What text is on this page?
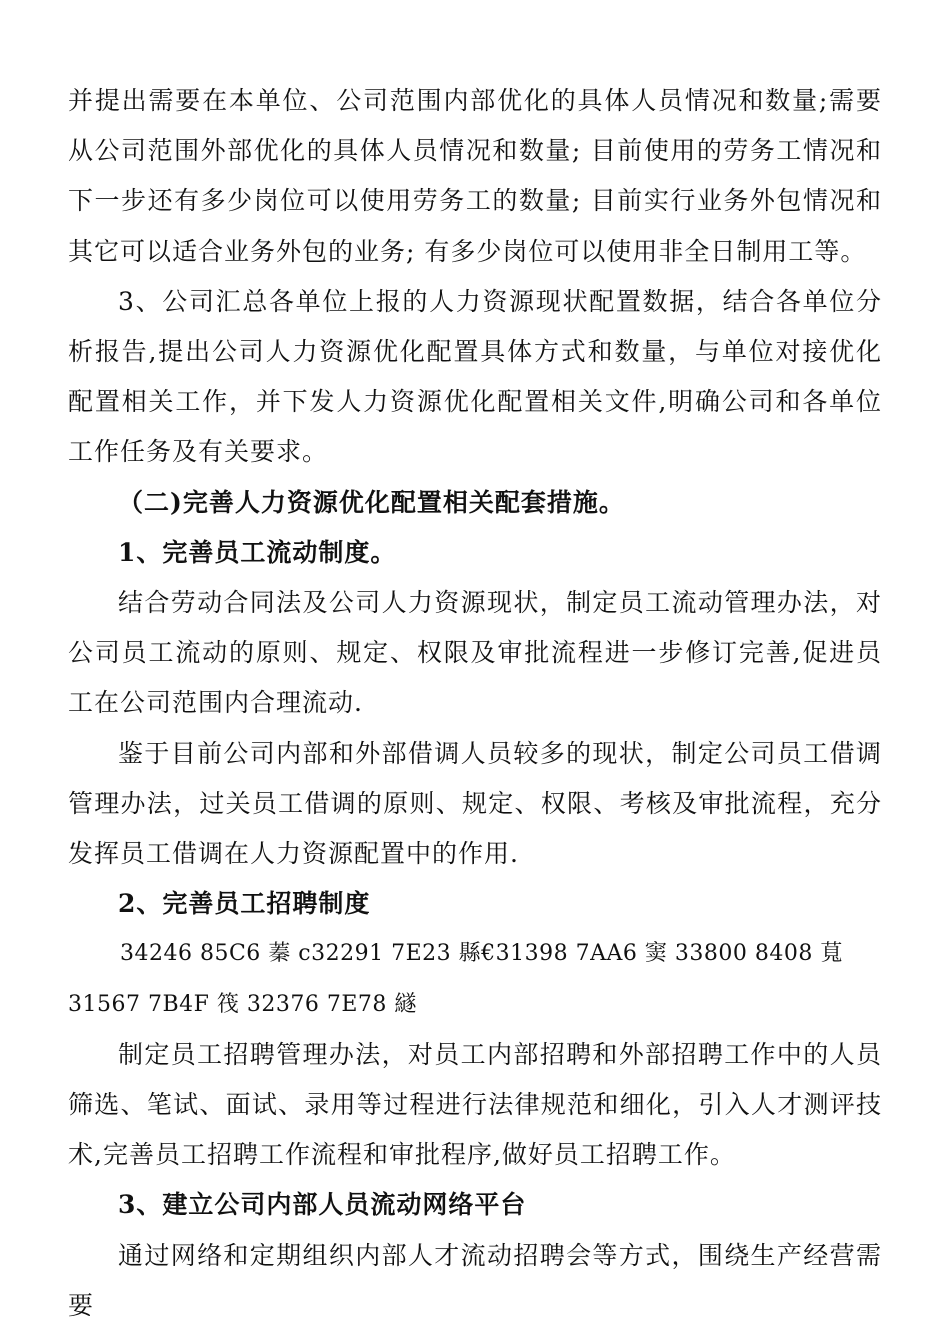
并提出需要在本单位、公司范围内部优化的具体人员情况和数量;需要从公司范围外部优化的具体人员情况和数量; 目前使用的劳务工情况和下一步还有多少岗位可以使用劳务工的数量; 目前实行业务外包情况和其它可以适合业务外包的业务; 有多少岗位可以使用非全日制用工等。

3、公司汇总各单位上报的人力资源现状配置数据，结合各单位分析报告,提出公司人力资源优化配置具体方式和数量，与单位对接优化配置相关工作，并下发人力资源优化配置相关文件,明确公司和各单位工作任务及有关要求。

（二)完善人力资源优化配置相关配套措施。

1、完善员工流动制度。

结合劳动合同法及公司人力资源现状，制定员工流动管理办法，对公司员工流动的原则、规定、权限及审批流程进一步修订完善,促进员工在公司范围内合理流动.

鉴于目前公司内部和外部借调人员较多的现状，制定公司员工借调管理办法，过关员工借调的原则、规定、权限、考核及审批流程，充分发挥员工借调在人力资源配置中的作用.

2、完善员工招聘制度

34246 85C6 蓁 c32291 7E23 縣€31398 7AA6 窦 33800 8408 萈

31567 7B4F 筏 32376 7E78 繸

制定员工招聘管理办法，对员工内部招聘和外部招聘工作中的人员筛选、笔试、面试、录用等过程进行法律规范和细化，引入人才测评技术,完善员工招聘工作流程和审批程序,做好员工招聘工作。

3、建立公司内部人员流动网络平台

通过网络和定期组织内部人才流动招聘会等方式，围绕生产经营需要
